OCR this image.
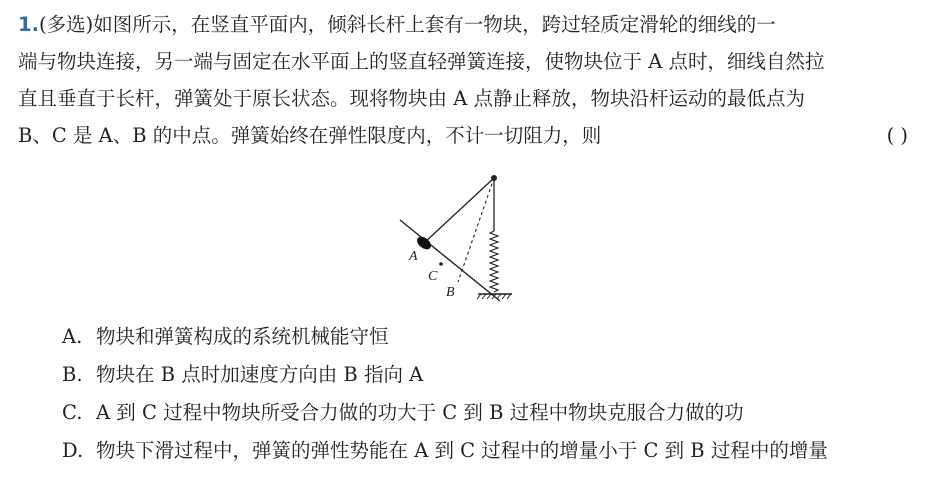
1.(多选)如图所示，在竖直平面内，倾斜长杆上套有一物块，跨过轻质定滑轮的细线的一
端与物块连接，另一端与固定在水平面上的竖直轻弹簧连接，使物块位于 A 点时，细线自然拉
直且垂直于长杆，弹簧处于原长状态。现将物块由 A 点静止释放，物块沿杆运动的最低点为
B、C 是 A、B 的中点。弹簧始终在弹性限度内，不计一切阻力，则	( )
A
C
B
A. 物块和弹簧构成的系统机械能守恒
B. 物块在 B 点时加速度方向由 B 指向 A
C. A 到 C 过程中物块所受合力做的功大于 C 到 B 过程中物块克服合力做的功
D. 物块下滑过程中，弹簧的弹性势能在 A 到 C 过程中的增量小于 C 到 B 过程中的增量
